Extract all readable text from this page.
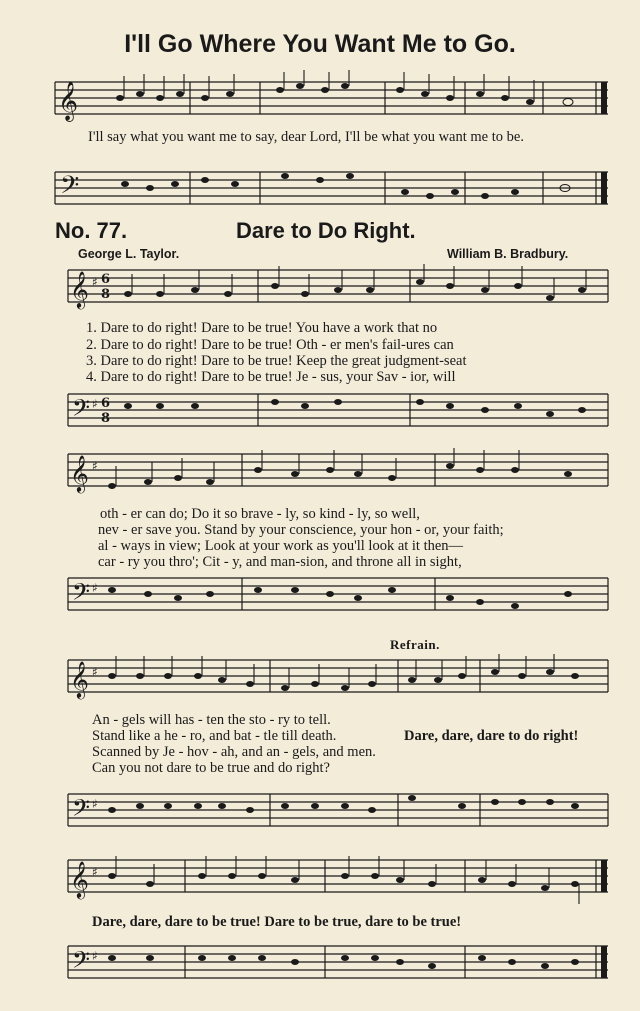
I'll Go Where You Want Me to Go.
𝄞
I'll say what you want me to say, dear Lord, I'll be what you want me to be.
𝄢
No. 77.	Dare to Do Right.
George L. Taylor.	William B. Bradbury.
𝄞 ♯ 6
8
1. Dare to do right! Dare to be true! You have a work that no
2. Dare to do right! Dare to be true! Oth - er men's fail-ures can
3. Dare to do right! Dare to be true! Keep the great judgment-seat
4. Dare to do right! Dare to be true! Je - sus, your Sav - ior, will
𝄢 ♯ 6
8
𝄞 ♯
oth - er can do; Do it so brave - ly, so kind - ly, so well,
nev - er save you. Stand by your conscience, your hon - or, your faith;
al - ways in view; Look at your work as you'll look at it then—
car - ry you thro'; Cit - y, and man-sion, and throne all in sight,
𝄢 ♯
Refrain.
𝄞 ♯
An - gels will has - ten the sto - ry to tell.
Stand like a he - ro, and bat - tle till death.
Scanned by Je - hov - ah, and an - gels, and men.
Can you not dare to be true and do right?
Dare, dare, dare to do right!
𝄢 ♯
𝄞 ♯
Dare, dare, dare to be true! Dare to be true, dare to be true!
𝄢 ♯
